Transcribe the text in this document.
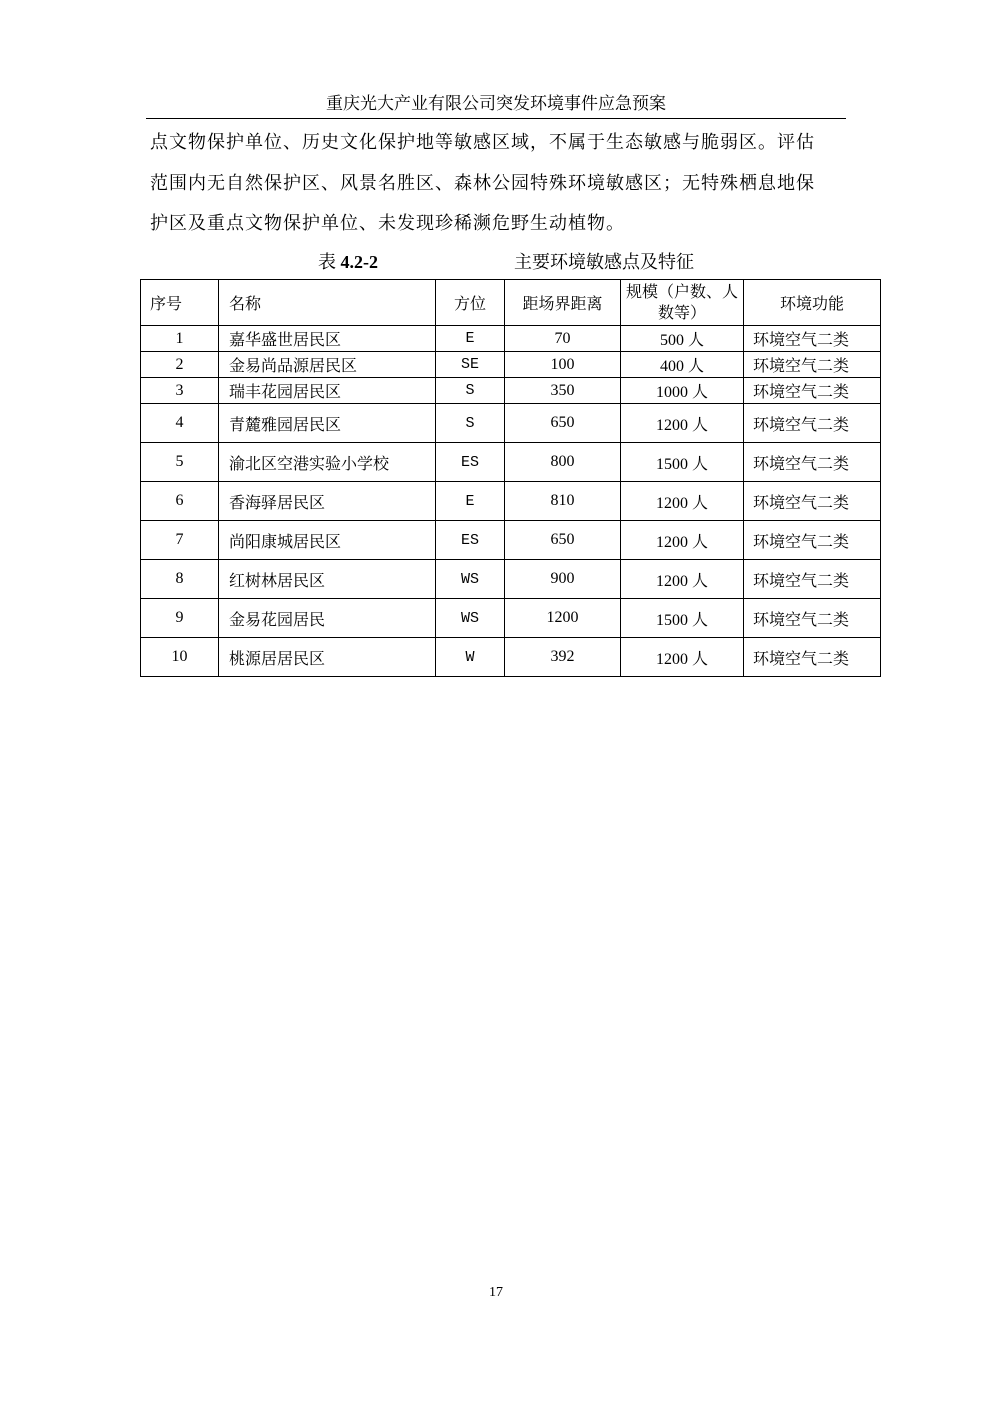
重庆光大产业有限公司突发环境事件应急预案
点文物保护单位、历史文化保护地等敏感区域，不属于生态敏感与脆弱区。评估
范围内无自然保护区、风景名胜区、森林公园特殊环境敏感区；无特殊栖息地保
护区及重点文物保护单位、未发现珍稀濒危野生动植物。
表 4.2-2	主要环境敏感点及特征
序号	名称	方位	距场界距离	规模（户数、人数等）	环境功能
1	嘉华盛世居民区	E	70	500 人	环境空气二类
2	金易尚品源居民区	SE	100	400 人	环境空气二类
3	瑞丰花园居民区	S	350	1000 人	环境空气二类
4	青麓雅园居民区	S	650	1200 人	环境空气二类
5	渝北区空港实验小学校	ES	800	1500 人	环境空气二类
6	香海驿居民区	E	810	1200 人	环境空气二类
7	尚阳康城居民区	ES	650	1200 人	环境空气二类
8	红树林居民区	WS	900	1200 人	环境空气二类
9	金易花园居民	WS	1200	1500 人	环境空气二类
10	桃源居居民区	W	392	1200 人	环境空气二类
17
